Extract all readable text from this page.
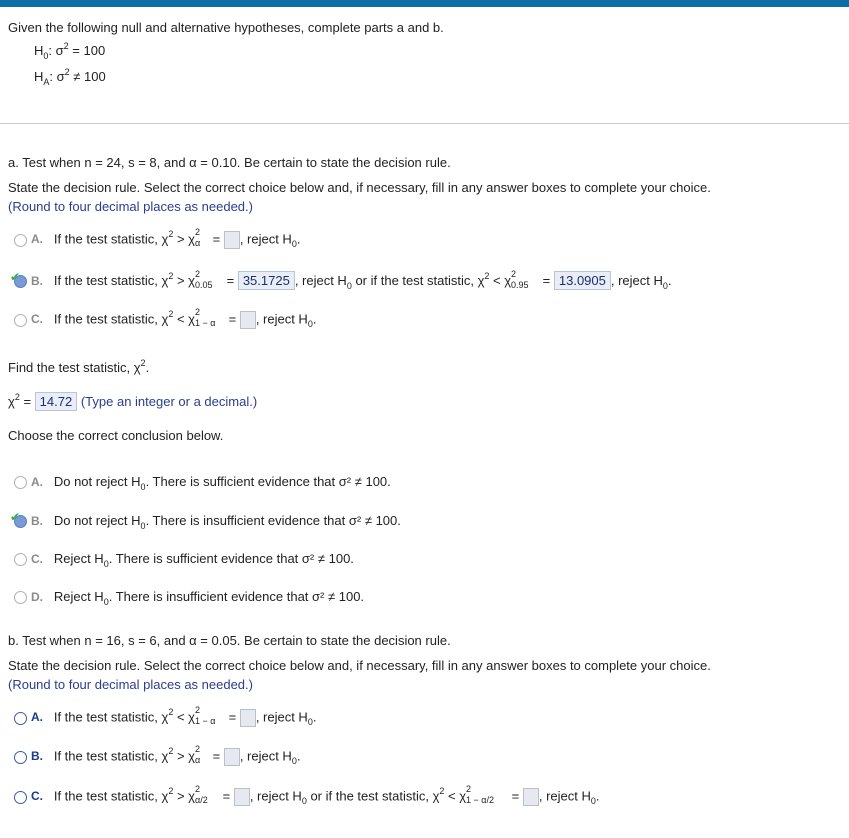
Given the following null and alternative hypotheses, complete parts a and b.
$H_0$: $\sigma^2 = 100$
$H_A$: $\sigma^2 \ne 100$
a. Test when n = 24, s = 8, and α = 0.10. Be certain to state the decision rule.
State the decision rule. Select the correct choice below and, if necessary, fill in any answer boxes to complete your choice.
(Round to four decimal places as needed.)
A. If the test statistic, $\chi^2 > \chi$ 2
α = , reject $H_0$.
✔ B. If the test statistic, $\chi^2 > \chi$ 2
0.05 = 35.1725 , reject $H_0$ or if the test statistic, $\chi^2 < \chi$ 2
0.95 = 13.0905 , reject $H_0$.
C. If the test statistic, $\chi^2 < \chi$ 2
1 − α = , reject $H_0$.
Find the test statistic, $\chi^2$.
$\chi^2 = 14.72$ (Type an integer or a decimal.)
Choose the correct conclusion below.
A. Do not reject $H_0$. There is sufficient evidence that σ² ≠ 100.
✔ B. Do not reject $H_0$. There is insufficient evidence that σ² ≠ 100.
C. Reject $H_0$. There is sufficient evidence that σ² ≠ 100.
D. Reject $H_0$. There is insufficient evidence that σ² ≠ 100.
b. Test when n = 16, s = 6, and α = 0.05. Be certain to state the decision rule.
State the decision rule. Select the correct choice below and, if necessary, fill in any answer boxes to complete your choice.
(Round to four decimal places as needed.)
A. If the test statistic, $\chi^2 < \chi$ 2
1 − α = , reject $H_0$.
B. If the test statistic, $\chi^2 > \chi$ 2
α = , reject $H_0$.
C. If the test statistic, $\chi^2 > \chi$ 2
α/2 = , reject $H_0$ or if the test statistic, $\chi^2 < \chi$ 2
1 − α/2 = , reject $H_0$.
